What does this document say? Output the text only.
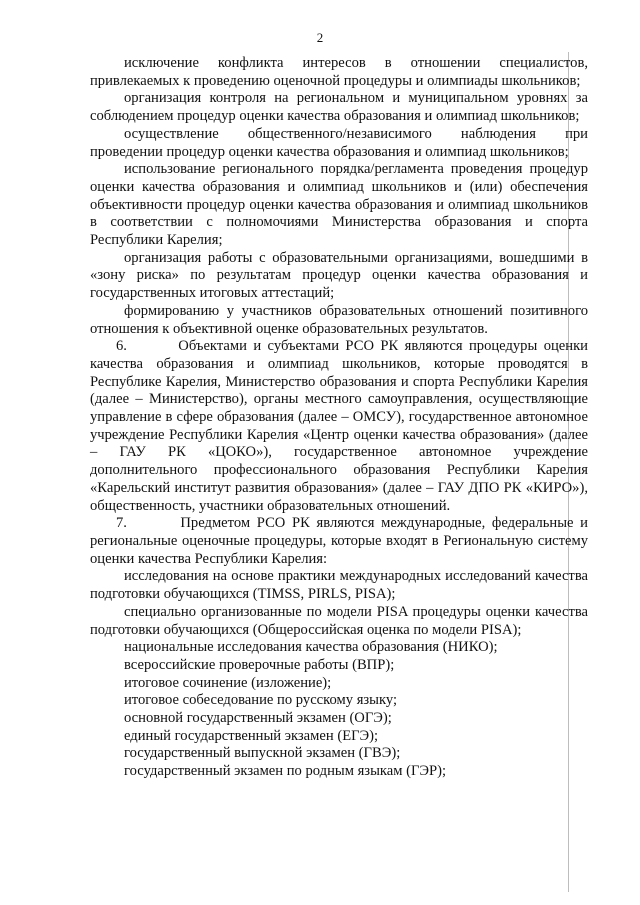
2

исключение конфликта интересов в отношении специалистов, привлекаемых к проведению оценочной процедуры и олимпиады школьников;

организация контроля на региональном и муниципальном уровнях за соблюдением процедур оценки качества образования и олимпиад школьников;

осуществление общественного/независимого наблюдения при проведении процедур оценки качества образования и олимпиад школьников;

использование регионального порядка/регламента проведения процедур оценки качества образования и олимпиад школьников и (или) обеспечения объективности процедур оценки качества образования и олимпиад школьников в соответствии с полномочиями Министерства образования и спорта Республики Карелия;

организация работы с образовательными организациями, вошедшими в «зону риска» по результатам процедур оценки качества образования и государственных итоговых аттестаций;

формированию у участников образовательных отношений позитивного отношения к объективной оценке образовательных результатов.

6.        Объектами и субъектами РСО РК являются процедуры оценки качества образования и олимпиад школьников, которые проводятся в Республике Карелия, Министерство образования и спорта Республики Карелия (далее – Министерство), органы местного самоуправления, осуществляющие управление в сфере образования (далее – ОМСУ), государственное автономное учреждение Республики Карелия «Центр оценки качества образования» (далее – ГАУ РК «ЦОКО»), государственное автономное учреждение дополнительного профессионального образования Республики Карелия «Карельский институт развития образования» (далее – ГАУ ДПО РК «КИРО»), общественность, участники образовательных отношений.

7.        Предметом РСО РК являются международные, федеральные и региональные оценочные процедуры, которые входят в Региональную систему оценки качества Республики Карелия:

исследования на основе практики международных исследований качества подготовки обучающихся (TIMSS, PIRLS, PISA);

специально организованные по модели PISA процедуры оценки качества подготовки обучающихся (Общероссийская оценка по модели PISA);

национальные исследования качества образования (НИКО);

всероссийские проверочные работы (ВПР);

итоговое сочинение (изложение);

итоговое собеседование по русскому языку;

основной государственный экзамен (ОГЭ);

единый государственный экзамен (ЕГЭ);

государственный выпускной экзамен (ГВЭ);

государственный экзамен по родным языкам (ГЭР);
